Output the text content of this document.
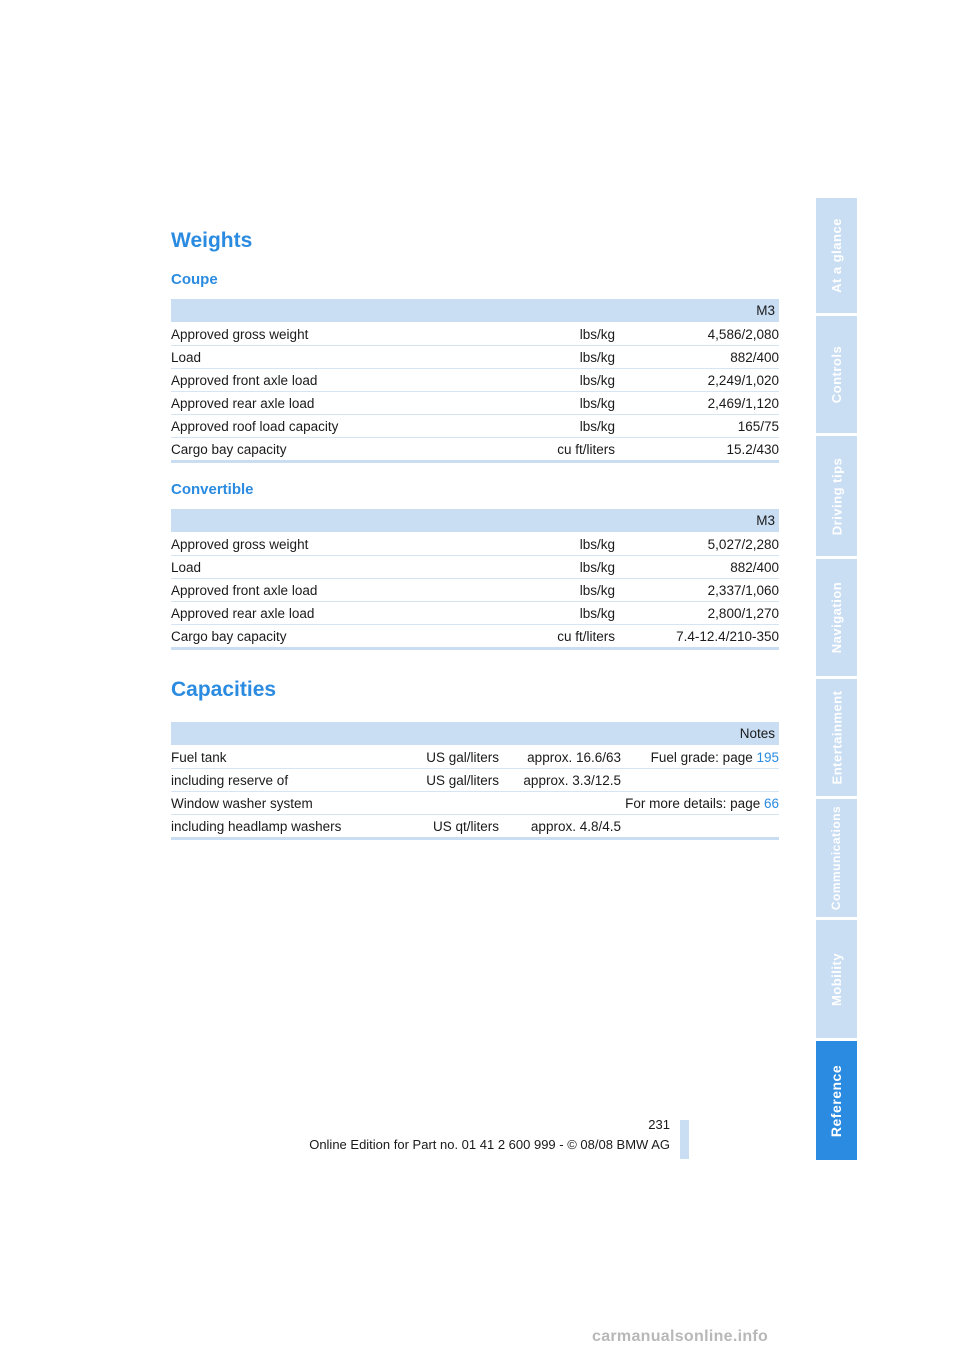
Weights
Coupe
		M3
Approved gross weight	lbs/kg	4,586/2,080
Load	lbs/kg	882/400
Approved front axle load	lbs/kg	2,249/1,020
Approved rear axle load	lbs/kg	2,469/1,120
Approved roof load capacity	lbs/kg	165/75
Cargo bay capacity	cu ft/liters	15.2/430
Convertible
		M3
Approved gross weight	lbs/kg	5,027/2,280
Load	lbs/kg	882/400
Approved front axle load	lbs/kg	2,337/1,060
Approved rear axle load	lbs/kg	2,800/1,270
Cargo bay capacity	cu ft/liters	7.4-12.4/210-350
Capacities
			Notes
Fuel tank	US gal/liters	approx. 16.6/63	Fuel grade: page 195
including reserve of	US gal/liters	approx. 3.3/12.5	
Window washer system			For more details: page 66
including headlamp washers	US qt/liters	approx. 4.8/4.5	
At a glance
Controls
Driving tips
Navigation
Entertainment
Communications
Mobility
Reference
231
Online Edition for Part no. 01 41 2 600 999 - © 08/08 BMW AG
carmanualsonline.info
